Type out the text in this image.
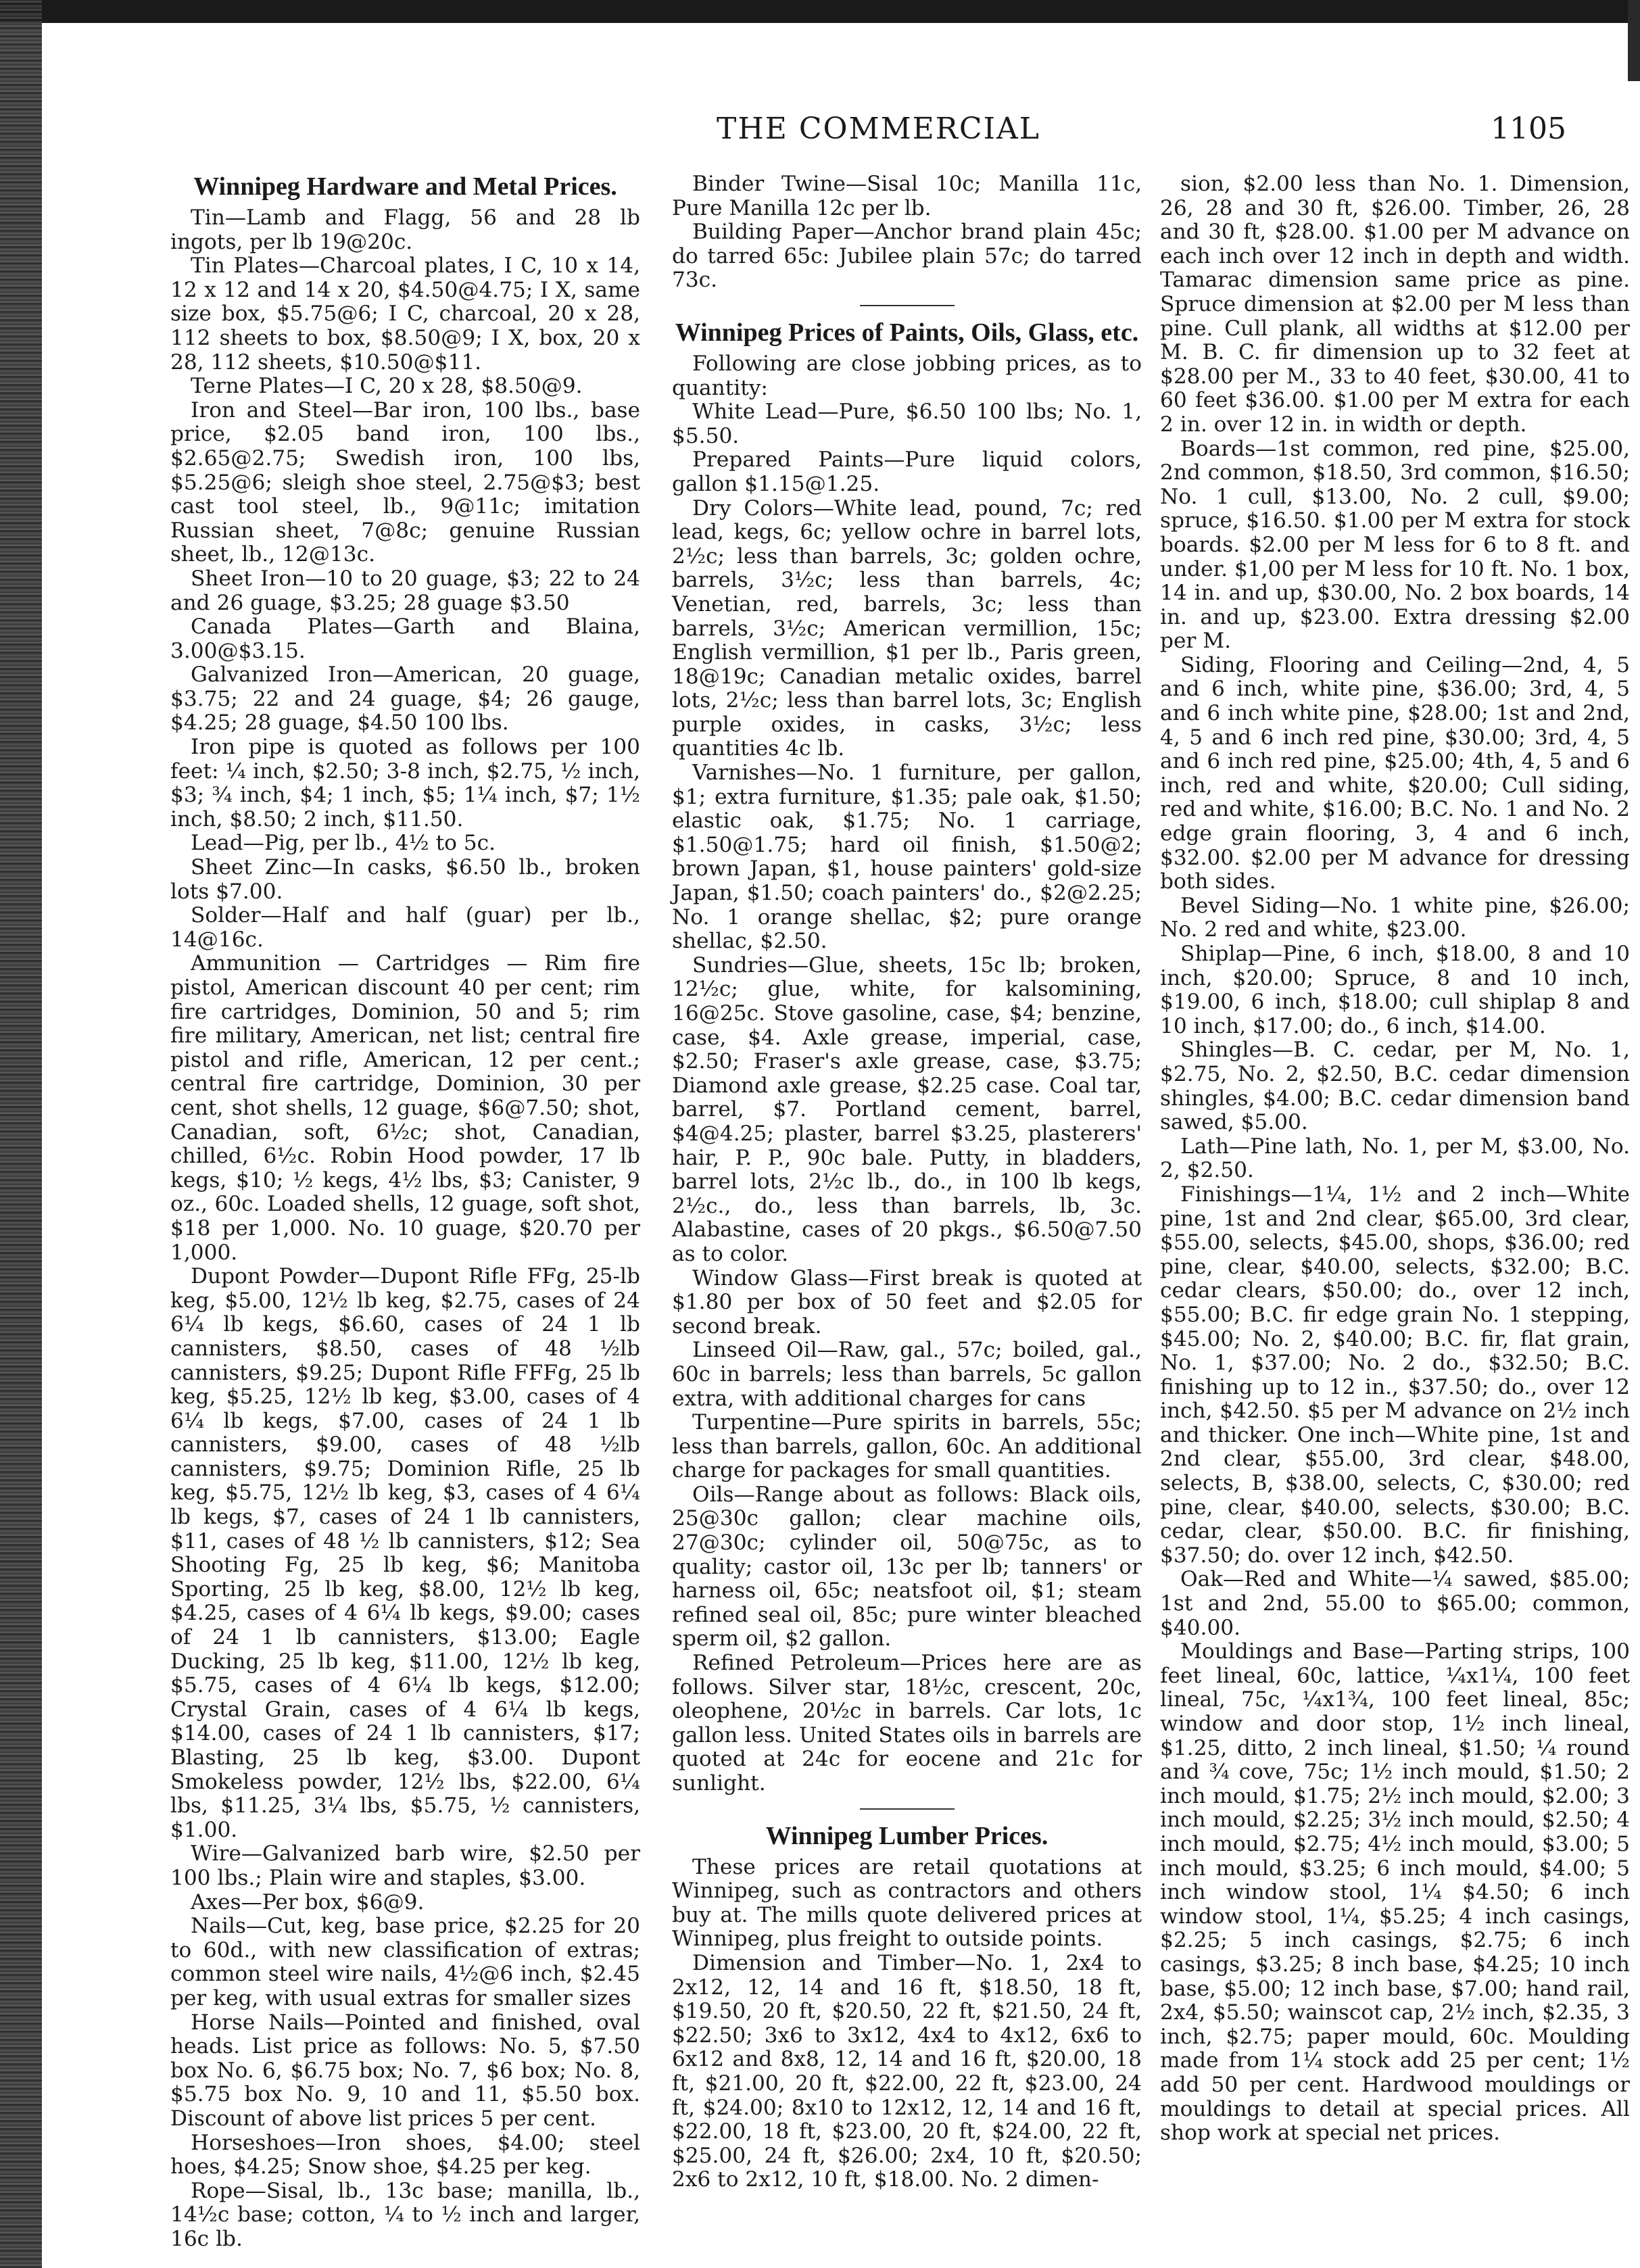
THE COMMERCIAL	1105
Winnipeg Hardware and Metal Prices.

Tin—Lamb and Flagg, 56 and 28 lb ingots, per lb 19@20c.

Tin Plates—Charcoal plates, I C, 10 x 14, 12 x 12 and 14 x 20, $4.50@4.75; I X, same size box, $5.75@6; I C, charcoal, 20 x 28, 112 sheets to box, $8.50@9; I X, box, 20 x 28, 112 sheets, $10.50@$11.

Terne Plates—I C, 20 x 28, $8.50@9.

Iron and Steel—Bar iron, 100 lbs., base price, $2.05 band iron, 100 lbs., $2.65@2.75; Swedish iron, 100 lbs, $5.25@6; sleigh shoe steel, 2.75@$3; best cast tool steel, lb., 9@11c; imitation Russian sheet, 7@8c; genuine Russian sheet, lb., 12@13c.

Sheet Iron—10 to 20 guage, $3; 22 to 24 and 26 guage, $3.25; 28 guage $3.50

Canada Plates—Garth and Blaina, 3.00@$3.15.

Galvanized Iron—American, 20 guage, $3.75; 22 and 24 guage, $4; 26 gauge, $4.25; 28 guage, $4.50 100 lbs.

Iron pipe is quoted as follows per 100 feet: ¼ inch, $2.50; 3-8 inch, $2.75, ½ inch, $3; ¾ inch, $4; 1 inch, $5; 1¼ inch, $7; 1½ inch, $8.50; 2 inch, $11.50.

Lead—Pig, per lb., 4½ to 5c.

Sheet Zinc—In casks, $6.50 lb., broken lots $7.00.

Solder—Half and half (guar) per lb., 14@16c.

Ammunition — Cartridges — Rim fire pistol, American discount 40 per cent; rim fire cartridges, Dominion, 50 and 5; rim fire military, American, net list; central fire pistol and rifle, American, 12 per cent.; central fire cartridge, Dominion, 30 per cent, shot shells, 12 guage, $6@7.50; shot, Canadian, soft, 6½c; shot, Canadian, chilled, 6½c. Robin Hood powder, 17 lb kegs, $10; ½ kegs, 4½ lbs, $3; Canister, 9 oz., 60c. Loaded shells, 12 guage, soft shot, $18 per 1,000. No. 10 guage, $20.70 per 1,000.

Dupont Powder—Dupont Rifle FFg, 25-lb keg, $5.00, 12½ lb keg, $2.75, cases of 24 6¼ lb kegs, $6.60, cases of 24 1 lb cannisters, $8.50, cases of 48 ½lb cannisters, $9.25; Dupont Rifle FFFg, 25 lb keg, $5.25, 12½ lb keg, $3.00, cases of 4 6¼ lb kegs, $7.00, cases of 24 1 lb cannisters, $9.00, cases of 48 ½lb cannisters, $9.75; Dominion Rifle, 25 lb keg, $5.75, 12½ lb keg, $3, cases of 4 6¼ lb kegs, $7, cases of 24 1 lb cannisters, $11, cases of 48 ½ lb cannisters, $12; Sea Shooting Fg, 25 lb keg, $6; Manitoba Sporting, 25 lb keg, $8.00, 12½ lb keg, $4.25, cases of 4 6¼ lb kegs, $9.00; cases of 24 1 lb cannisters, $13.00; Eagle Ducking, 25 lb keg, $11.00, 12½ lb keg, $5.75, cases of 4 6¼ lb kegs, $12.00; Crystal Grain, cases of 4 6¼ lb kegs, $14.00, cases of 24 1 lb cannisters, $17; Blasting, 25 lb keg, $3.00. Dupont Smokeless powder, 12½ lbs, $22.00, 6¼ lbs, $11.25, 3¼ lbs, $5.75, ½ cannisters, $1.00.

Wire—Galvanized barb wire, $2.50 per 100 lbs.; Plain wire and staples, $3.00.

Axes—Per box, $6@9.

Nails—Cut, keg, base price, $2.25 for 20 to 60d., with new classification of extras; common steel wire nails, 4½@6 inch, $2.45 per keg, with usual extras for smaller sizes

Horse Nails—Pointed and finished, oval heads. List price as follows: No. 5, $7.50 box No. 6, $6.75 box; No. 7, $6 box; No. 8, $5.75 box No. 9, 10 and 11, $5.50 box. Discount of above list prices 5 per cent.

Horseshoes—Iron shoes, $4.00; steel hoes, $4.25; Snow shoe, $4.25 per keg.

Rope—Sisal, lb., 13c base; manilla, lb., 14½c base; cotton, ¼ to ½ inch and larger, 16c lb.

Binder Twine—Sisal 10c; Manilla 11c, Pure Manilla 12c per lb.

Building Paper—Anchor brand plain 45c; do tarred 65c: Jubilee plain 57c; do tarred 73c.

Winnipeg Prices of Paints, Oils, Glass, etc.

Following are close jobbing prices, as to quantity:

White Lead—Pure, $6.50 100 lbs; No. 1, $5.50.

Prepared Paints—Pure liquid colors, gallon $1.15@1.25.

Dry Colors—White lead, pound, 7c; red lead, kegs, 6c; yellow ochre in barrel lots, 2½c; less than barrels, 3c; golden ochre, barrels, 3½c; less than barrels, 4c; Venetian, red, barrels, 3c; less than barrels, 3½c; American vermillion, 15c; English vermillion, $1 per lb., Paris green, 18@19c; Canadian metalic oxides, barrel lots, 2½c; less than barrel lots, 3c; English purple oxides, in casks, 3½c; less quantities 4c lb.

Varnishes—No. 1 furniture, per gallon, $1; extra furniture, $1.35; pale oak, $1.50; elastic oak, $1.75; No. 1 carriage, $1.50@1.75; hard oil finish, $1.50@2; brown Japan, $1, house painters' gold-size Japan, $1.50; coach painters' do., $2@2.25; No. 1 orange shellac, $2; pure orange shellac, $2.50.

Sundries—Glue, sheets, 15c lb; broken, 12½c; glue, white, for kalsomining, 16@25c. Stove gasoline, case, $4; benzine, case, $4. Axle grease, imperial, case, $2.50; Fraser's axle grease, case, $3.75; Diamond axle grease, $2.25 case. Coal tar, barrel, $7. Portland cement, barrel, $4@4.25; plaster, barrel $3.25, plasterers' hair, P. P., 90c bale. Putty, in bladders, barrel lots, 2½c lb., do., in 100 lb kegs, 2½c., do., less than barrels, lb, 3c. Alabastine, cases of 20 pkgs., $6.50@7.50 as to color.

Window Glass—First break is quoted at $1.80 per box of 50 feet and $2.05 for second break.

Linseed Oil—Raw, gal., 57c; boiled, gal., 60c in barrels; less than barrels, 5c gallon extra, with additional charges for cans

Turpentine—Pure spirits in barrels, 55c; less than barrels, gallon, 60c. An additional charge for packages for small quantities.

Oils—Range about as follows: Black oils, 25@30c gallon; clear machine oils, 27@30c; cylinder oil, 50@75c, as to quality; castor oil, 13c per lb; tanners' or harness oil, 65c; neatsfoot oil, $1; steam refined seal oil, 85c; pure winter bleached sperm oil, $2 gallon.

Refined Petroleum—Prices here are as follows. Silver star, 18½c, crescent, 20c, oleophene, 20½c in barrels. Car lots, 1c gallon less. United States oils in barrels are quoted at 24c for eocene and 21c for sunlight.

Winnipeg Lumber Prices.

These prices are retail quotations at Winnipeg, such as contractors and others buy at. The mills quote delivered prices at Winnipeg, plus freight to outside points.

Dimension and Timber—No. 1, 2x4 to 2x12, 12, 14 and 16 ft, $18.50, 18 ft, $19.50, 20 ft, $20.50, 22 ft, $21.50, 24 ft, $22.50; 3x6 to 3x12, 4x4 to 4x12, 6x6 to 6x12 and 8x8, 12, 14 and 16 ft, $20.00, 18 ft, $21.00, 20 ft, $22.00, 22 ft, $23.00, 24 ft, $24.00; 8x10 to 12x12, 12, 14 and 16 ft, $22.00, 18 ft, $23.00, 20 ft, $24.00, 22 ft, $25.00, 24 ft, $26.00; 2x4, 10 ft, $20.50; 2x6 to 2x12, 10 ft, $18.00. No. 2 dimen-

sion, $2.00 less than No. 1. Dimension, 26, 28 and 30 ft, $26.00. Timber, 26, 28 and 30 ft, $28.00. $1.00 per M advance on each inch over 12 inch in depth and width. Tamarac dimension same price as pine. Spruce dimension at $2.00 per M less than pine. Cull plank, all widths at $12.00 per M. B. C. fir dimension up to 32 feet at $28.00 per M., 33 to 40 feet, $30.00, 41 to 60 feet $36.00. $1.00 per M extra for each 2 in. over 12 in. in width or depth.

Boards—1st common, red pine, $25.00, 2nd common, $18.50, 3rd common, $16.50; No. 1 cull, $13.00, No. 2 cull, $9.00; spruce, $16.50. $1.00 per M extra for stock boards. $2.00 per M less for 6 to 8 ft. and under. $1,00 per M less for 10 ft. No. 1 box, 14 in. and up, $30.00, No. 2 box boards, 14 in. and up, $23.00. Extra dressing $2.00 per M.

Siding, Flooring and Ceiling—2nd, 4, 5 and 6 inch, white pine, $36.00; 3rd, 4, 5 and 6 inch white pine, $28.00; 1st and 2nd, 4, 5 and 6 inch red pine, $30.00; 3rd, 4, 5 and 6 inch red pine, $25.00; 4th, 4, 5 and 6 inch, red and white, $20.00; Cull siding, red and white, $16.00; B.C. No. 1 and No. 2 edge grain flooring, 3, 4 and 6 inch, $32.00. $2.00 per M advance for dressing both sides.

Bevel Siding—No. 1 white pine, $26.00; No. 2 red and white, $23.00.

Shiplap—Pine, 6 inch, $18.00, 8 and 10 inch, $20.00; Spruce, 8 and 10 inch, $19.00, 6 inch, $18.00; cull shiplap 8 and 10 inch, $17.00; do., 6 inch, $14.00.

Shingles—B. C. cedar, per M, No. 1, $2.75, No. 2, $2.50, B.C. cedar dimension shingles, $4.00; B.C. cedar dimension band sawed, $5.00.

Lath—Pine lath, No. 1, per M, $3.00, No. 2, $2.50.

Finishings—1¼, 1½ and 2 inch—White pine, 1st and 2nd clear, $65.00, 3rd clear, $55.00, selects, $45.00, shops, $36.00; red pine, clear, $40.00, selects, $32.00; B.C. cedar clears, $50.00; do., over 12 inch, $55.00; B.C. fir edge grain No. 1 stepping, $45.00; No. 2, $40.00; B.C. fir, flat grain, No. 1, $37.00; No. 2 do., $32.50; B.C. finishing up to 12 in., $37.50; do., over 12 inch, $42.50. $5 per M advance on 2½ inch and thicker. One inch—White pine, 1st and 2nd clear, $55.00, 3rd clear, $48.00, selects, B, $38.00, selects, C, $30.00; red pine, clear, $40.00, selects, $30.00; B.C. cedar, clear, $50.00. B.C. fir finishing, $37.50; do. over 12 inch, $42.50.

Oak—Red and White—¼ sawed, $85.00; 1st and 2nd, 55.00 to $65.00; common, $40.00.

Mouldings and Base—Parting strips, 100 feet lineal, 60c, lattice, ¼x1¼, 100 feet lineal, 75c, ¼x1¾, 100 feet lineal, 85c; window and door stop, 1½ inch lineal, $1.25, ditto, 2 inch lineal, $1.50; ¼ round and ¾ cove, 75c; 1½ inch mould, $1.50; 2 inch mould, $1.75; 2½ inch mould, $2.00; 3 inch mould, $2.25; 3½ inch mould, $2.50; 4 inch mould, $2.75; 4½ inch mould, $3.00; 5 inch mould, $3.25; 6 inch mould, $4.00; 5 inch window stool, 1¼ $4.50; 6 inch window stool, 1¼, $5.25; 4 inch casings, $2.25; 5 inch casings, $2.75; 6 inch casings, $3.25; 8 inch base, $4.25; 10 inch base, $5.00; 12 inch base, $7.00; hand rail, 2x4, $5.50; wainscot cap, 2½ inch, $2.35, 3 inch, $2.75; paper mould, 60c. Moulding made from 1¼ stock add 25 per cent; 1½ add 50 per cent. Hardwood mouldings or mouldings to detail at special prices. All shop work at special net prices.
